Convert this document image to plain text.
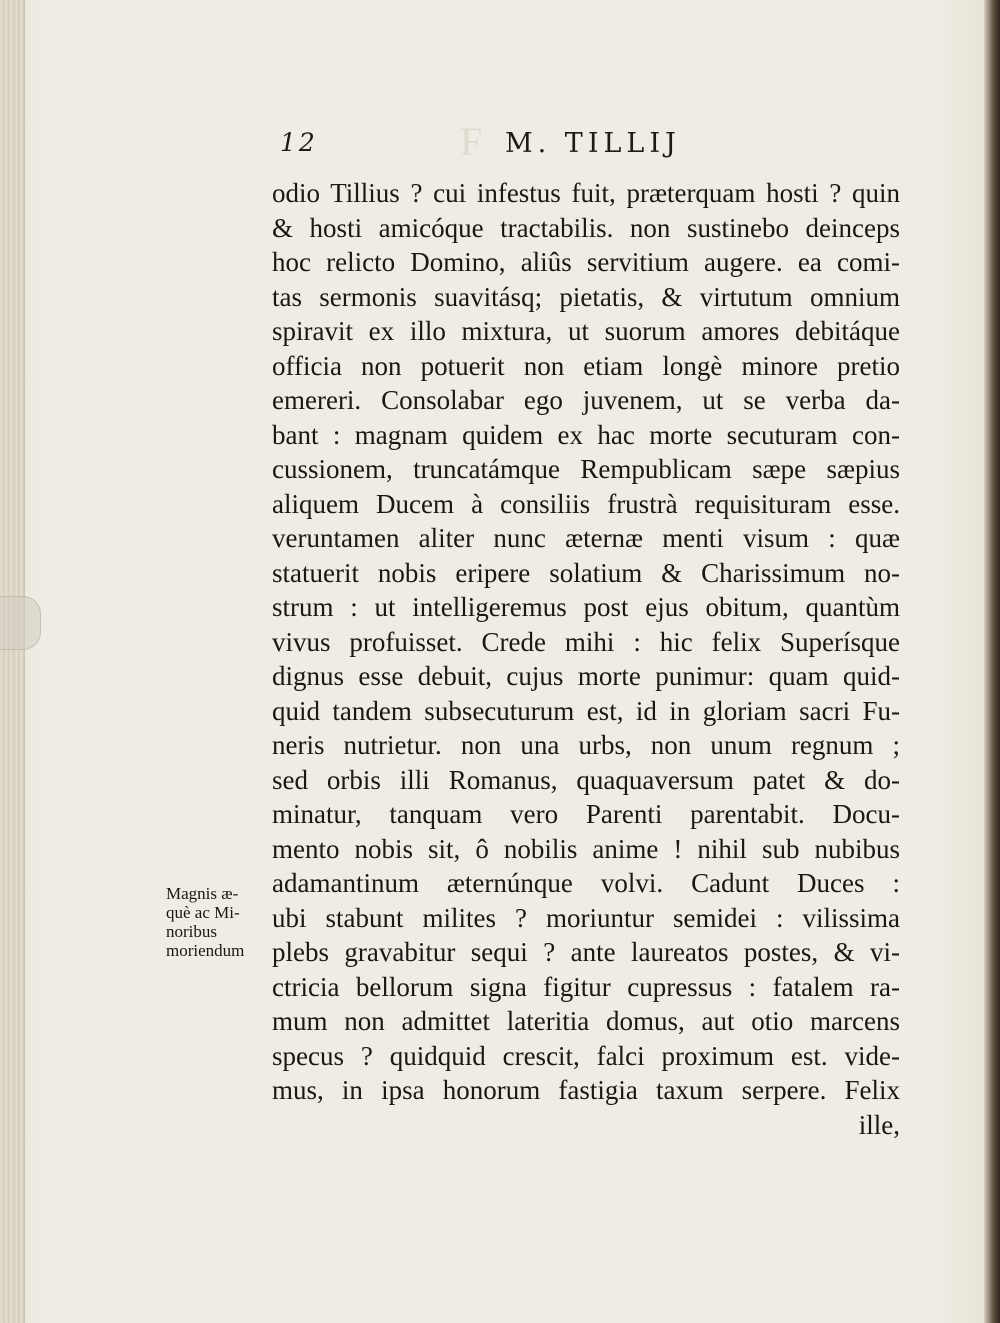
F
12	M. TILLIJ
odio Tillius ? cui infestus fuit, præterquam hosti ? quin
& hosti amicóque tractabilis. non sustinebo deinceps
hoc relicto Domino, aliûs servitium augere. ea comi-
tas sermonis suavitásq; pietatis, & virtutum omnium
spiravit ex illo mixtura, ut suorum amores debitáque
officia non potuerit non etiam longè minore pretio
emereri. Consolabar ego juvenem, ut se verba da-
bant : magnam quidem ex hac morte secuturam con-
cussionem, truncatámque Rempublicam sæpe sæpius
aliquem Ducem à consiliis frustrà requisituram esse.
veruntamen aliter nunc æternæ menti visum : quæ
statuerit nobis eripere solatium & Charissimum no-
strum : ut intelligeremus post ejus obitum, quantùm
vivus profuisset. Crede mihi : hic felix Superísque
dignus esse debuit, cujus morte punimur: quam quid-
quid tandem subsecuturum est, id in gloriam sacri Fu-
neris nutrietur. non una urbs, non unum regnum ;
sed orbis illi Romanus, quaquaversum patet & do-
minatur, tanquam vero Parenti parentabit. Docu-
mento nobis sit, ô nobilis anime ! nihil sub nubibus
adamantinum æternúnque volvi. Cadunt Duces :
ubi stabunt milites ? moriuntur semidei : vilissima
plebs gravabitur sequi ? ante laureatos postes, & vi-
ctricia bellorum signa figitur cupressus : fatalem ra-
mum non admittet lateritia domus, aut otio marcens
specus ? quidquid crescit, falci proximum est. vide-
mus, in ipsa honorum fastigia taxum serpere. Felix
ille,
Magnis æ-
què ac Mi-
noribus
moriendum
